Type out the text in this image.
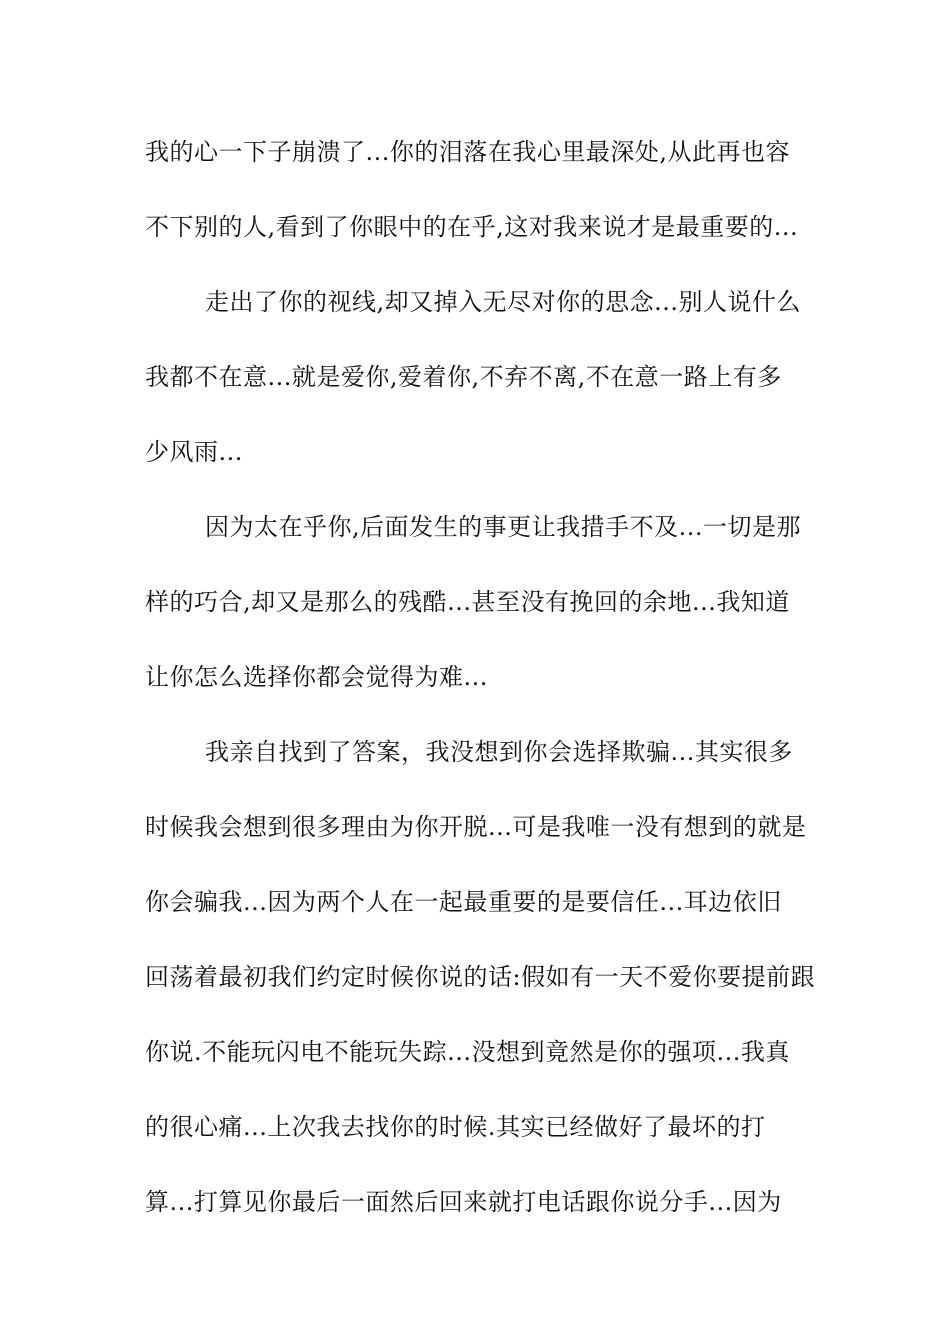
我的心一下子崩溃了...你的泪落在我心里最深处,从此再也容
不下别的人,看到了你眼中的在乎,这对我来说才是最重要的...
走出了你的视线,却又掉入无尽对你的思念...别人说什么
我都不在意...就是爱你,爱着你,不弃不离,不在意一路上有多
少风雨...
因为太在乎你,后面发生的事更让我措手不及...一切是那
样的巧合,却又是那么的残酷...甚至没有挽回的余地...我知道
让你怎么选择你都会觉得为难...
我亲自找到了答案，我没想到你会选择欺骗...其实很多
时候我会想到很多理由为你开脱...可是我唯一没有想到的就是
你会骗我...因为两个人在一起最重要的是要信任...耳边依旧
回荡着最初我们约定时候你说的话:假如有一天不爱你要提前跟
你说.不能玩闪电不能玩失踪...没想到竟然是你的强项...我真
的很心痛...上次我去找你的时候.其实已经做好了最坏的打
算...打算见你最后一面然后回来就打电话跟你说分手...因为
